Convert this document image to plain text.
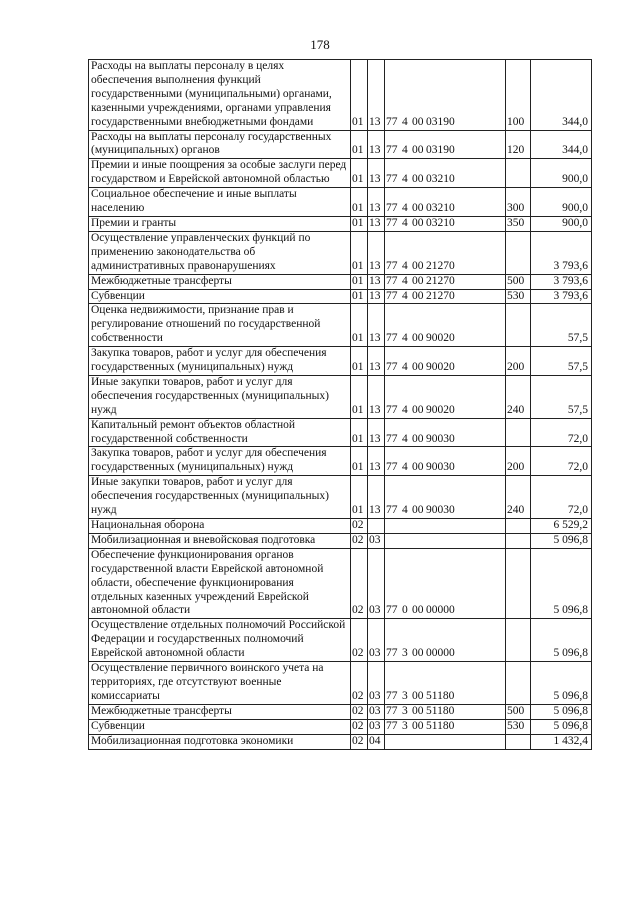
178
Расходы на выплаты персоналу в целях обеспечения выполнения функций государственными (муниципальными) органами, казенными учреждениями, органами управления государственными внебюджетными фондами	01	13	77 4 00 03190	100	344,0
Расходы на выплаты персоналу государственных (муниципальных) органов	01	13	77 4 00 03190	120	344,0
Премии и иные поощрения за особые заслуги перед государством и Еврейской автономной областью	01	13	77 4 00 03210		900,0
Социальное обеспечение и иные выплаты населению	01	13	77 4 00 03210	300	900,0
Премии и гранты	01	13	77 4 00 03210	350	900,0
Осуществление управленческих функций по применению законодательства об административных правонарушениях	01	13	77 4 00 21270		3 793,6
Межбюджетные трансферты	01	13	77 4 00 21270	500	3 793,6
Субвенции	01	13	77 4 00 21270	530	3 793,6
Оценка недвижимости, признание прав и регулирование отношений по государственной собственности	01	13	77 4 00 90020		57,5
Закупка товаров, работ и услуг для обеспечения государственных (муниципальных) нужд	01	13	77 4 00 90020	200	57,5
Иные закупки товаров, работ и услуг для обеспечения государственных (муниципальных) нужд	01	13	77 4 00 90020	240	57,5
Капитальный ремонт объектов областной государственной собственности	01	13	77 4 00 90030		72,0
Закупка товаров, работ и услуг для обеспечения государственных (муниципальных) нужд	01	13	77 4 00 90030	200	72,0
Иные закупки товаров, работ и услуг для обеспечения государственных (муниципальных) нужд	01	13	77 4 00 90030	240	72,0
Национальная оборона	02				6 529,2
Мобилизационная и вневойсковая подготовка	02	03			5 096,8
Обеспечение функционирования органов государственной власти Еврейской автономной области, обеспечение функционирования отдельных казенных учреждений Еврейской автономной области	02	03	77 0 00 00000		5 096,8
Осуществление отдельных полномочий Российской Федерации и государственных полномочий Еврейской автономной области	02	03	77 3 00 00000		5 096,8
Осуществление первичного воинского учета на территориях, где отсутствуют военные комиссариаты	02	03	77 3 00 51180		5 096,8
Межбюджетные трансферты	02	03	77 3 00 51180	500	5 096,8
Субвенции	02	03	77 3 00 51180	530	5 096,8
Мобилизационная подготовка экономики	02	04			1 432,4
